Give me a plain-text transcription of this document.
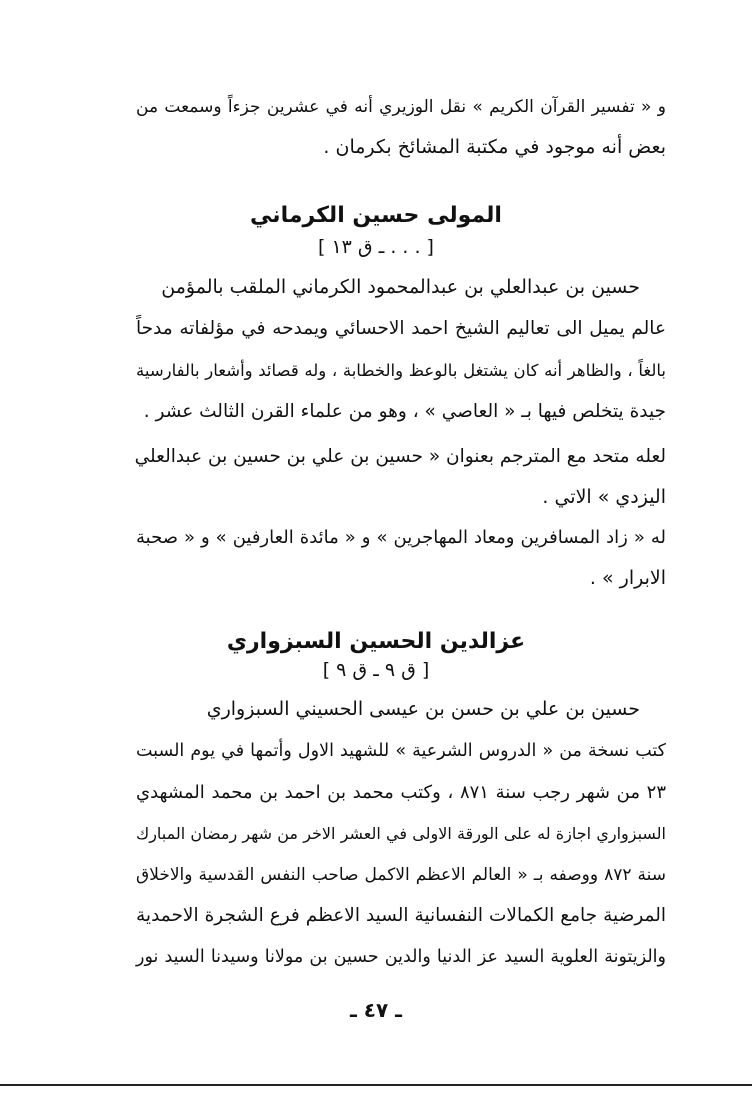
و « تفسير القرآن الكريم » نقل الوزيري أنه في عشرين جزءاً وسمعت من
بعض أنه موجود في مكتبة المشائخ بكرمان .
المولى حسين الكرماني
[ . . . ـ ق ١٣ ]
حسين بن عبدالعلي بن عبدالمحمود الكرماني الملقب بالمؤمن
عالم يميل الى تعاليم الشيخ احمد الاحسائي ويمدحه في مؤلفاته مدحاً
بالغاً ، والظاهر أنه كان يشتغل بالوعظ والخطابة ، وله قصائد وأشعار بالفارسية
جيدة يتخلص فيها بـ « العاصي » ، وهو من علماء القرن الثالث عشر .
لعله متحد مع المترجم بعنوان « حسين بن علي بن حسين بن عبدالعلي
اليزدي » الاتي .
له « زاد المسافرين ومعاد المهاجرين » و « مائدة العارفين » و « صحبة
الابرار » .
عزالدين الحسين السبزواري
[ ق ٩ ـ ق ٩ ]
حسين بن علي بن حسن بن عيسى الحسيني السبزواري
كتب نسخة من « الدروس الشرعية » للشهيد الاول وأتمها في يوم السبت
٢٣ من شهر رجب سنة ٨٧١ ، وكتب محمد بن احمد بن محمد المشهدي
السبزواري اجازة له على الورقة الاولى في العشر الاخر من شهر رمضان المبارك
سنة ٨٧٢ ووصفه بـ « العالم الاعظم الاكمل صاحب النفس القدسية والاخلاق
المرضية جامع الكمالات النفسانية السيد الاعظم فرع الشجرة الاحمدية
والزيتونة العلوية السيد عز الدنيا والدين حسين بن مولانا وسيدنا السيد نور
ـ ٤٧ ـ
